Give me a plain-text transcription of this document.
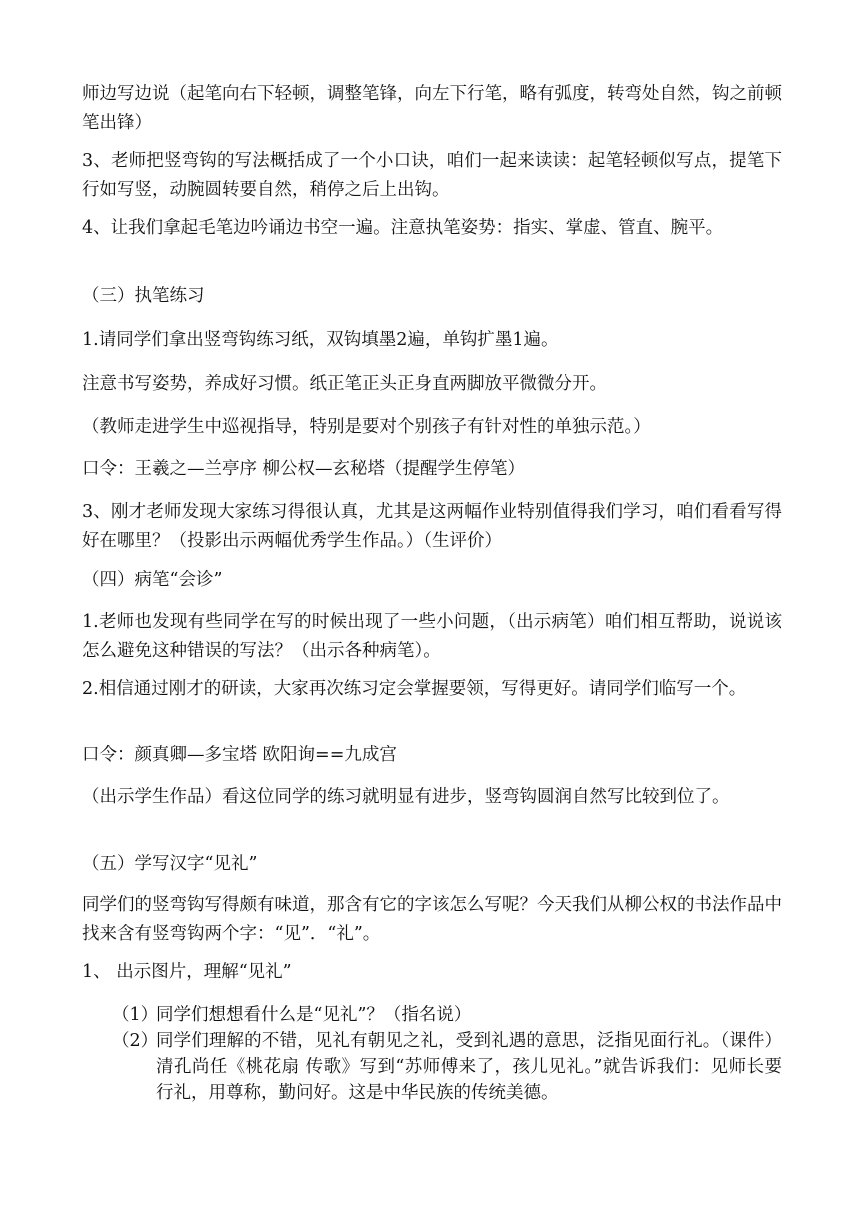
师边写边说（起笔向右下轻顿，调整笔锋，向左下行笔，略有弧度，转弯处自然，钩之前顿笔出锋）

3、老师把竖弯钩的写法概括成了一个小口诀，咱们一起来读读：起笔轻顿似写点，提笔下行如写竖，动腕圆转要自然，稍停之后上出钩。

4、让我们拿起毛笔边吟诵边书空一遍。注意执笔姿势：指实、掌虚、管直、腕平。

（三）执笔练习

1.请同学们拿出竖弯钩练习纸，双钩填墨2遍，单钩扩墨1遍。

注意书写姿势，养成好习惯。纸正笔正头正身直两脚放平微微分开。

（教师走进学生中巡视指导，特别是要对个别孩子有针对性的单独示范。）

口令：王羲之—兰亭序 柳公权—玄秘塔（提醒学生停笔）

3、刚才老师发现大家练习得很认真，尤其是这两幅作业特别值得我们学习，咱们看看写得好在哪里？（投影出示两幅优秀学生作品。）（生评价）

（四）病笔“会诊”

1.老师也发现有些同学在写的时候出现了一些小问题，（出示病笔）咱们相互帮助，说说该怎么避免这种错误的写法？（出示各种病笔）。

2.相信通过刚才的研读，大家再次练习定会掌握要领，写得更好。请同学们临写一个。

口令：颜真卿—多宝塔 欧阳询==九成宫

（出示学生作品）看这位同学的练习就明显有进步，竖弯钩圆润自然写比较到位了。

（五）学写汉字“见礼”

同学们的竖弯钩写得颇有味道，那含有它的字该怎么写呢？今天我们从柳公权的书法作品中找来含有竖弯钩两个字：“见”．“礼”。

1、 出示图片，理解“见礼”

（1）
同学们想想看什么是“见礼”？（指名说）
（2）
同学们理解的不错，见礼有朝见之礼，受到礼遇的意思，泛指见面行礼。（课件）清孔尚任《桃花扇 传歌》写到“苏师傅来了，孩儿见礼。”就告诉我们：见师长要行礼，用尊称，勤问好。这是中华民族的传统美德。
